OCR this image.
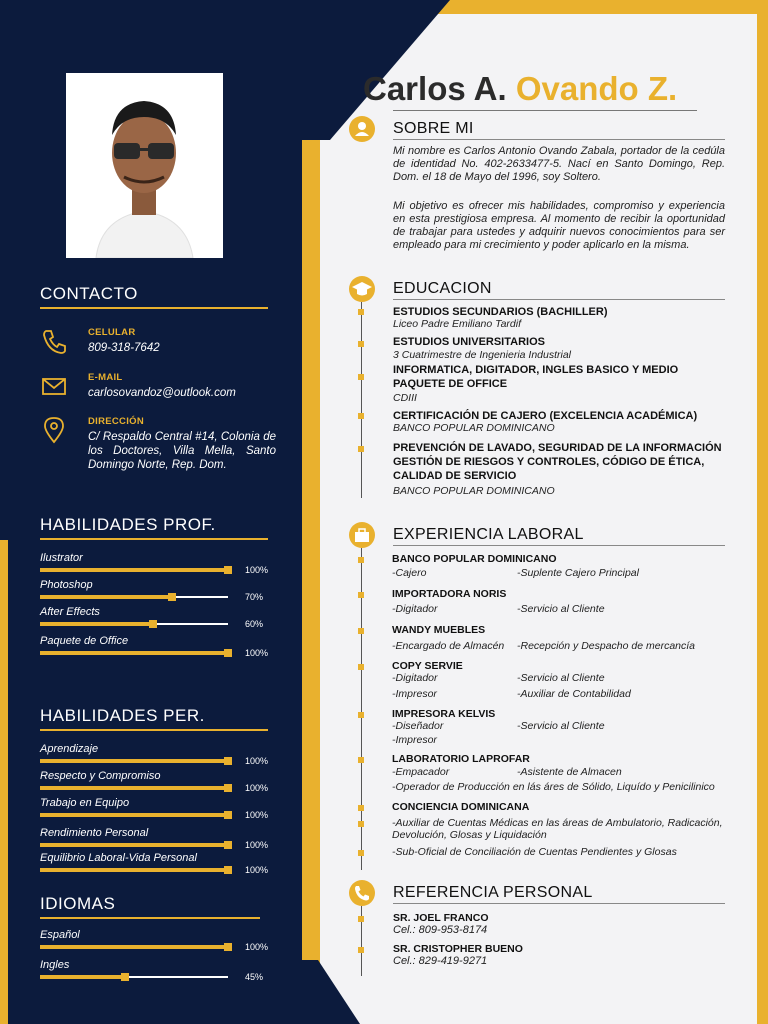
CONTACTO
CELULAR
809-318-7642
E-MAIL
carlosovandoz@outlook.com
DIRECCIÓN
C/ Respaldo Central #14, Colonia de los Doctores, Villa Mella, Santo Domingo Norte, Rep. Dom.
HABILIDADES PROF.
Ilustrator
100%
Photoshop
70%
After Effects
60%
Paquete de Office
100%
HABILIDADES PER.
Aprendizaje
100%
Respecto y Compromiso
100%
Trabajo en Equipo
100%
Rendimiento Personal
100%
Equilibrio Laboral-Vida Personal
100%
IDIOMAS
Español
100%
Ingles
45%
Carlos A. Ovando Z.
SOBRE MI
Mi nombre es Carlos Antonio Ovando Zabala, portador de la cedúla de identidad No. 402-2633477-5. Nací en Santo Domingo, Rep. Dom. el 18 de Mayo del 1996, soy Soltero.
Mi objetivo es ofrecer mis habilidades, compromiso y experiencia en esta prestigiosa empresa. Al momento de recibir la oportunidad de trabajar para ustedes y adquirir nuevos conocimientos para ser empleado para mi crecimiento y poder aplicarlo en la misma.
EDUCACION
ESTUDIOS SECUNDARIOS (BACHILLER)
Liceo Padre Emiliano Tardif
ESTUDIOS UNIVERSITARIOS
3 Cuatrimestre de Ingenieria Industrial
INFORMATICA, DIGITADOR, INGLES BASICO Y MEDIO PAQUETE DE OFFICE
CDIII
CERTIFICACIÓN DE CAJERO (EXCELENCIA ACADÉMICA)
BANCO POPULAR DOMINICANO
PREVENCIÓN DE LAVADO, SEGURIDAD DE LA INFORMACIÓN GESTIÓN DE RIESGOS Y CONTROLES, CÓDIGO DE ÉTICA, CALIDAD DE SERVICIO
BANCO POPULAR DOMINICANO
EXPERIENCIA LABORAL
BANCO POPULAR DOMINICANO
-Cajero	-Suplente Cajero Principal
IMPORTADORA NORIS
-Digitador	-Servicio al Cliente
WANDY MUEBLES
-Encargado de Almacén -Recepción y Despacho de mercancía
COPY SERVIE
-Digitador	-Servicio al Cliente
-Impresor	-Auxiliar de Contabilidad
IMPRESORA KELVIS
-Diseñador	-Servicio al Cliente
-Impresor
LABORATORIO LAPROFAR
-Empacador	-Asistente de Almacen
-Operador de Producción en lás áres de Sólido, Liquído y Penicilinico
CONCIENCIA DOMINICANA
-Auxiliar de Cuentas Médicas en las áreas de Ambulatorio, Radicación, Devolución, Glosas y Liquidación
-Sub-Oficial de Conciliación de Cuentas Pendientes y Glosas
REFERENCIA PERSONAL
SR. JOEL FRANCO
Cel.: 809-953-8174
SR. CRISTOPHER BUENO
Cel.: 829-419-9271
